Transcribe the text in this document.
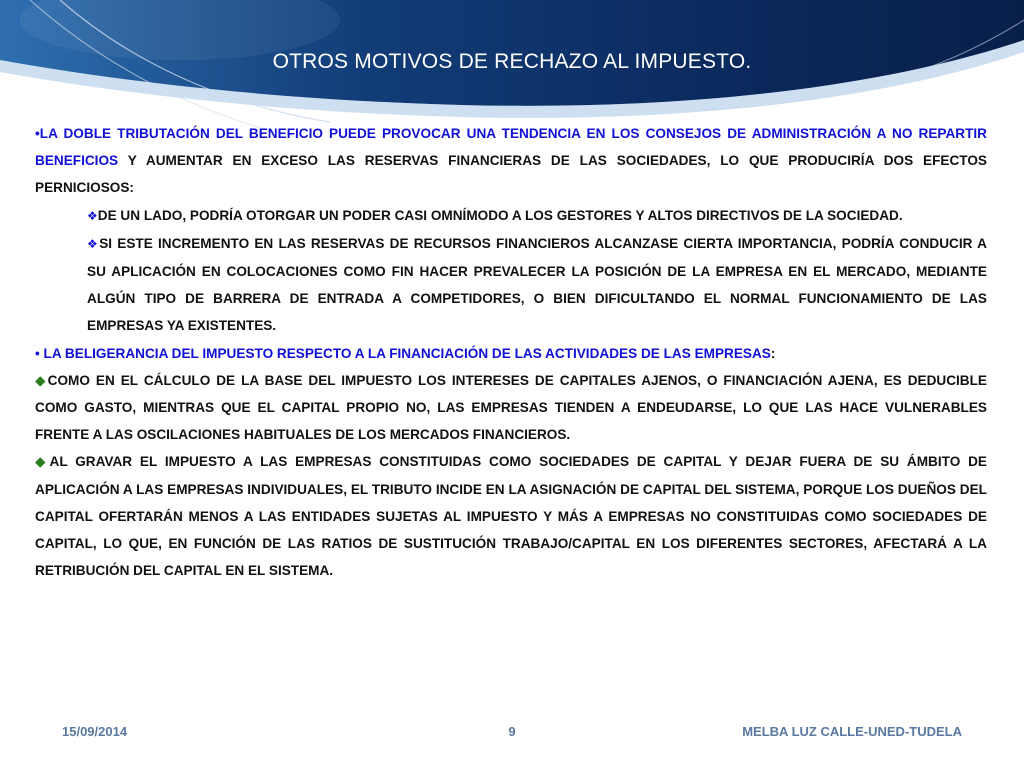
OTROS MOTIVOS DE RECHAZO AL IMPUESTO.

•LA DOBLE TRIBUTACIÓN DEL BENEFICIO PUEDE PROVOCAR UNA TENDENCIA EN LOS CONSEJOS DE ADMINISTRACIÓN A NO REPARTIR BENEFICIOS Y AUMENTAR EN EXCESO LAS RESERVAS FINANCIERAS DE LAS SOCIEDADES, LO QUE PRODUCIRÍA DOS EFECTOS PERNICIOSOS:

❖DE UN LADO, PODRÍA OTORGAR UN PODER CASI OMNÍMODO A LOS GESTORES Y ALTOS DIRECTIVOS DE LA SOCIEDAD.

❖SI ESTE INCREMENTO EN LAS RESERVAS DE RECURSOS FINANCIEROS ALCANZASE CIERTA IMPORTANCIA, PODRÍA CONDUCIR A SU APLICACIÓN EN COLOCACIONES COMO FIN HACER PREVALECER LA POSICIÓN DE LA EMPRESA EN EL MERCADO, MEDIANTE ALGÚN TIPO DE BARRERA DE ENTRADA A COMPETIDORES, O BIEN DIFICULTANDO EL NORMAL FUNCIONAMIENTO DE LAS EMPRESAS YA EXISTENTES.

• LA BELIGERANCIA DEL IMPUESTO RESPECTO A LA FINANCIACIÓN DE LAS ACTIVIDADES DE LAS EMPRESAS:

◆COMO EN EL CÁLCULO DE LA BASE DEL IMPUESTO LOS INTERESES DE CAPITALES AJENOS, O FINANCIACIÓN AJENA, ES DEDUCIBLE COMO GASTO, MIENTRAS QUE EL CAPITAL PROPIO NO, LAS EMPRESAS TIENDEN A ENDEUDARSE, LO QUE LAS HACE VULNERABLES FRENTE A LAS OSCILACIONES HABITUALES DE LOS MERCADOS FINANCIEROS.

◆AL GRAVAR EL IMPUESTO A LAS EMPRESAS CONSTITUIDAS COMO SOCIEDADES DE CAPITAL Y DEJAR FUERA DE SU ÁMBITO DE APLICACIÓN A LAS EMPRESAS INDIVIDUALES, EL TRIBUTO INCIDE EN LA ASIGNACIÓN DE CAPITAL DEL SISTEMA, PORQUE LOS DUEÑOS DEL CAPITAL OFERTARÁN MENOS A LAS ENTIDADES SUJETAS AL IMPUESTO Y MÁS A EMPRESAS NO CONSTITUIDAS COMO SOCIEDADES DE CAPITAL, LO QUE, EN FUNCIÓN DE LAS RATIOS DE SUSTITUCIÓN TRABAJO/CAPITAL EN LOS DIFERENTES SECTORES, AFECTARÁ A LA RETRIBUCIÓN DEL CAPITAL EN EL SISTEMA.

15/09/2014	9	MELBA LUZ CALLE-UNED-TUDELA
